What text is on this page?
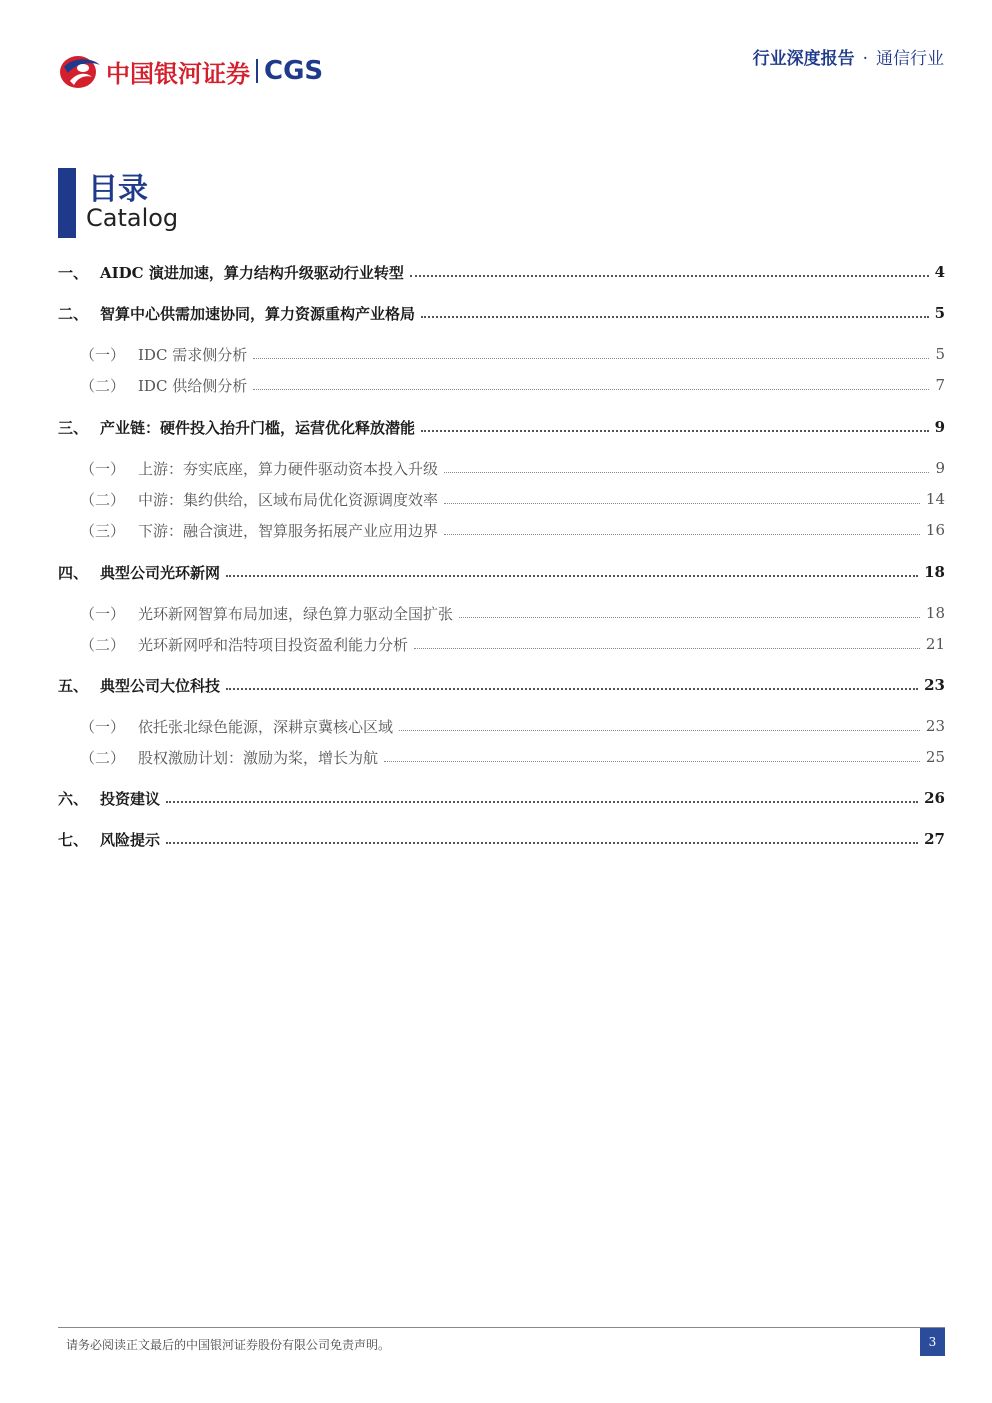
中国银河证券 CGS	行业深度报告 · 通信行业
目录
Catalog
一、 AIDC 演进加速，算力结构升级驱动行业转型	4
二、 智算中心供需加速协同，算力资源重构产业格局	5
（一） IDC 需求侧分析	5
（二） IDC 供给侧分析	7
三、 产业链：硬件投入抬升门槛，运营优化释放潜能	9
（一） 上游：夯实底座，算力硬件驱动资本投入升级	9
（二） 中游：集约供给，区域布局优化资源调度效率	14
（三） 下游：融合演进，智算服务拓展产业应用边界	16
四、 典型公司光环新网	18
（一） 光环新网智算布局加速，绿色算力驱动全国扩张	18
（二） 光环新网呼和浩特项目投资盈利能力分析	21
五、 典型公司大位科技	23
（一） 依托张北绿色能源，深耕京冀核心区域	23
（二） 股权激励计划：激励为桨，增长为航	25
六、 投资建议	26
七、 风险提示	27
请务必阅读正文最后的中国银河证券股份有限公司免责声明。	3
